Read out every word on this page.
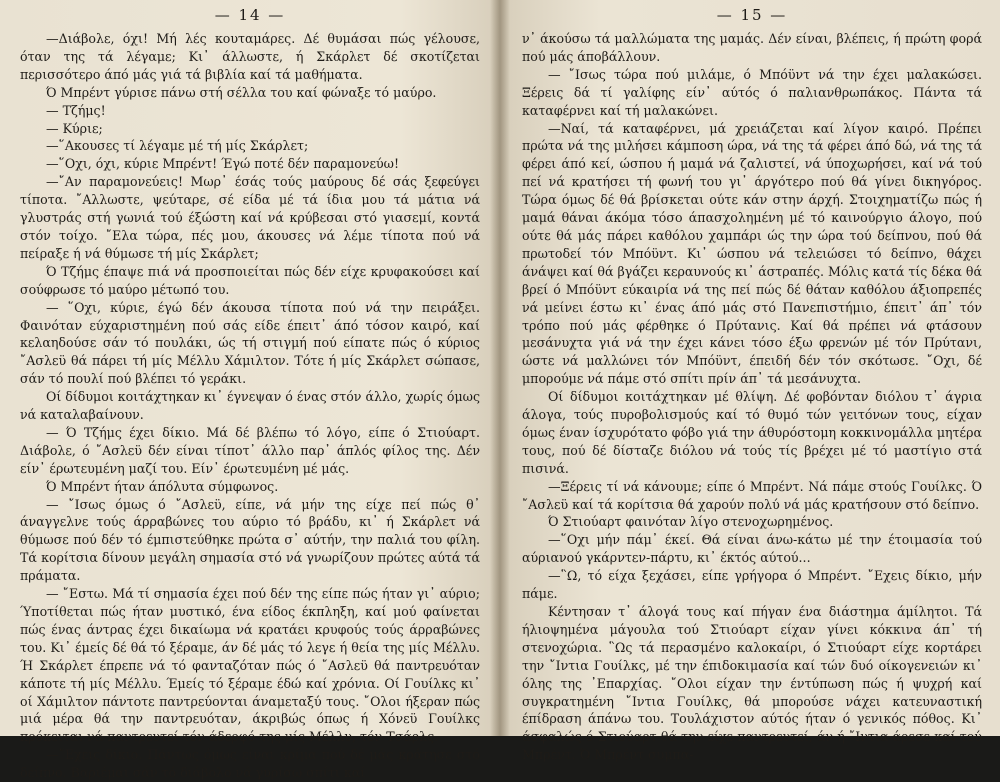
— 14 —

—Διάβολε, όχι! Μή λές κουταμάρες. Δέ θυμάσαι πώς γέλουσε, όταν της τά λέγαμε; Κι᾽ άλλωστε, ή Σκάρλετ δέ σκοτίζεται περισσότερο άπό μάς γιά τά βιβλία καί τά μαθήματα.

Ό Μπρέντ γύρισε πάνω στή σέλλα του καί φώναξε τό μαύρο.

— Τζήμς!

— Κύριε;

—῞Ακουσες τί λέγαμε μέ τή μίς Σκάρλετ;

—῞Οχι, όχι, κύριε Μπρέντ! Έγώ ποτέ δέν παραμονεύω!

—῎Αν παραμονεύεις! Μωρ᾽ έσάς τούς μαύρους δέ σάς ξεφεύγει τίποτα. ῎Αλλωστε, ψεύταρε, σέ είδα μέ τά ίδια μου τά μάτια νά γλυστράς στή γωνιά τού έξώστη καί νά κρύβεσαι στό γιασεμί, κοντά στόν τοίχο. ῎Ελα τώρα, πές μου, άκουσες νά λέμε τίποτα πού νά πείραξε ή νά θύμωσε τή μίς Σκάρλετ;

Ό Τζήμς έπαψε πιά νά προσποιείται πώς δέν είχε κρυφακούσει καί σούφρωσε τό μαύρο μέτωπό του.

— ῞Οχι, κύριε, έγώ δέν άκουσα τίποτα πού νά την πειράξει. Φαινόταν εύχαριστημένη πού σάς είδε έπειτ᾽ άπό τόσον καιρό, καί κελαηδούσε σάν τό πουλάκι, ώς τή στιγμή πού είπατε πώς ό κύριος ῎Ασλεϋ θά πάρει τή μίς Μέλλυ Χάμιλτον. Τότε ή μίς Σκάρλετ σώπασε, σάν τό πουλί πού βλέπει τό γεράκι.

Οί δίδυμοι κοιτάχτηκαν κι᾽ έγνεψαν ό ένας στόν άλλο, χωρίς όμως νά καταλαβαίνουν.

— Ό Τζήμς έχει δίκιο. Μά δέ βλέπω τό λόγο, είπε ό Στιούαρτ. Διάβολε, ό ῎Ασλεϋ δέν είναι τίποτ᾽ άλλο παρ᾽ άπλός φίλος της. Δέν είν᾽ έρωτευμένη μαζί του. Είν᾽ έρωτευμένη μέ μάς.

Ό Μπρέντ ήταν άπόλυτα σύμφωνος.

— ῎Ισως όμως ό ῎Ασλεϋ, είπε, νά μήν της είχε πεί πώς θ᾽ άναγγελνε τούς άρραβώνες του αύριο τό βράδυ, κι᾽ ή Σκάρλετ νά θύμωσε πού δέν τό έμπιστεύθηκε πρώτα σ᾽ αύτήν, την παλιά του φίλη. Τά κορίτσια δίνουν μεγάλη σημασία στό νά γνωρίζουν πρώτες αύτά τά πράματα.

— ῎Εστω. Μά τί σημασία έχει πού δέν της είπε πώς ήταν γι᾽ αύριο; Ύποτίθεται πώς ήταν μυστικό, ένα είδος έκπληξη, καί μού φαίνεται πώς ένας άντρας έχει δικαίωμα νά κρατάει κρυφούς τούς άρραβώνες του. Κι᾽ έμείς δέ θά τό ξέραμε, άν δέ μάς τό λεγε ή θεία της μίς Μέλλυ. Ή Σκάρλετ έπρεπε νά τό φανταζόταν πώς ό ῎Ασλεϋ θά παντρευόταν κάποτε τή μίς Μέλλυ. Έμείς τό ξέραμε έδώ καί χρόνια. Οί Γουίλκς κι᾽ οί Χάμιλτον πάντοτε παντρεύονται άναμεταξύ τους. ῎Ολοι ήξεραν πώς μιά μέρα θά την παντρευόταν, άκριβώς όπως ή Χόνεϋ Γουίλκς πρόκειται νά παντρευτεί τόν άδερφό της μίς Μέλλυ, τόν Τσάρλς.

—῎Εχεις δίκιο. Πάντως όμως είναι κρίμα πού δέ μάς κράτησε στό δείπνο. Βαριέμαι σάν τό διάβολο νά γυρίσω σπίτι καί

— 15 —

ν᾽ άκούσω τά μαλλώματα της μαμάς. Δέν είναι, βλέπεις, ή πρώτη φορά πού μάς άποβάλλουν.

— ῎Ισως τώρα πού μιλάμε, ό Μπόϋντ νά την έχει μαλακώσει. Ξέρεις δά τί γαλίφης είν᾽ αύτός ό παλιανθρωπάκος. Πάντα τά καταφέρνει καί τή μαλακώνει.

—Ναί, τά καταφέρνει, μά χρειάζεται καί λίγον καιρό. Πρέπει πρώτα νά της μιλήσει κάμποση ώρα, νά της τά φέρει άπό δώ, νά της τά φέρει άπό κεί, ώσπου ή μαμά νά ζαλιστεί, νά ύποχωρήσει, καί νά τού πεί νά κρατήσει τή φωνή του γι᾽ άργότερο πού θά γίνει δικηγόρος. Τώρα όμως δέ θά βρίσκεται ούτε κάν στην άρχή. Στοιχηματίζω πώς ή μαμά θάναι άκόμα τόσο άπασχολημένη μέ τό καινούργιο άλογο, πού ούτε θά μάς πάρει καθόλου χαμπάρι ώς την ώρα τού δείπνου, πού θά πρωτοδεί τόν Μπόϋντ. Κι᾽ ώσπου νά τελειώσει τό δείπνο, θάχει άνάψει καί θά βγάζει κεραυνούς κι᾽ άστραπές. Μόλις κατά τίς δέκα θά βρεί ό Μπόϋντ εύκαιρία νά της πεί πώς δέ θάταν καθόλου άξιοπρεπές νά μείνει έστω κι᾽ ένας άπό μάς στό Πανεπιστήμιο, έπειτ᾽ άπ᾽ τόν τρόπο πού μάς φέρθηκε ό Πρύτανις. Καί θά πρέπει νά φτάσουν μεσάνυχτα γιά νά την έχει κάνει τόσο έξω φρενών μέ τόν Πρύτανι, ώστε νά μαλλώνει τόν Μπόϋντ, έπειδή δέν τόν σκότωσε. ῎Οχι, δέ μπορούμε νά πάμε στό σπίτι πρίν άπ᾽ τά μεσάνυχτα.

Οί δίδυμοι κοιτάχτηκαν μέ θλίψη. Δέ φοβόνταν διόλου τ᾽ άγρια άλογα, τούς πυροβολισμούς καί τό θυμό τών γειτόνων τους, είχαν όμως έναν ίσχυρότατο φόβο γιά την άθυρόστομη κοκκινομάλλα μητέρα τους, πού δέ δίσταζε διόλου νά τούς τίς βρέχει μέ τό μαστίγιο στά πισινά.

—Ξέρεις τί νά κάνουμε; είπε ό Μπρέντ. Νά πάμε στούς Γουίλκς. Ό ῎Ασλεϋ καί τά κορίτσια θά χαρούν πολύ νά μάς κρατήσουν στό δείπνο.

Ό Στιούαρτ φαινόταν λίγο στενοχωρημένος.

—῞Οχι μήν πάμ᾽ έκεί. Θά είναι άνω-κάτω μέ την έτοιμασία τού αύριανού γκάρντεν-πάρτυ, κι᾽ έκτός αύτού...

—῝Ω, τό είχα ξεχάσει, είπε γρήγορα ό Μπρέντ. ῎Εχεις δίκιο, μήν πάμε.

Κέντησαν τ᾽ άλογά τους καί πήγαν ένα διάστημα άμίλητοι. Τά ήλιοψημένα μάγουλα τού Στιούαρτ είχαν γίνει κόκκινα άπ᾽ τή στενοχώρια. ῝Ως τά περασμένο καλοκαίρι, ό Στιούαρτ είχε κορτάρει την ῎Ιντια Γουίλκς, μέ την έπιδοκιμασία καί τών δυό οίκογενειών κι᾽ όλης της ᾽Επαρχίας. ῎Ολοι είχαν την έντύπωση πώς ή ψυχρή καί συγκρατημένη ῎Ιντια Γουίλκς, θά μπορούσε νάχει κατευναστική έπίδραση άπάνω του. Τουλάχιστον αύτός ήταν ό γενικός πόθος. Κι᾽ άσφαλώς ό Στιούαρτ θά την είχε παντρευτεί, άν ή ῎Ιντια άρεσε καί τού Μπρέντ. Ό Μπρέντ συμπα-
